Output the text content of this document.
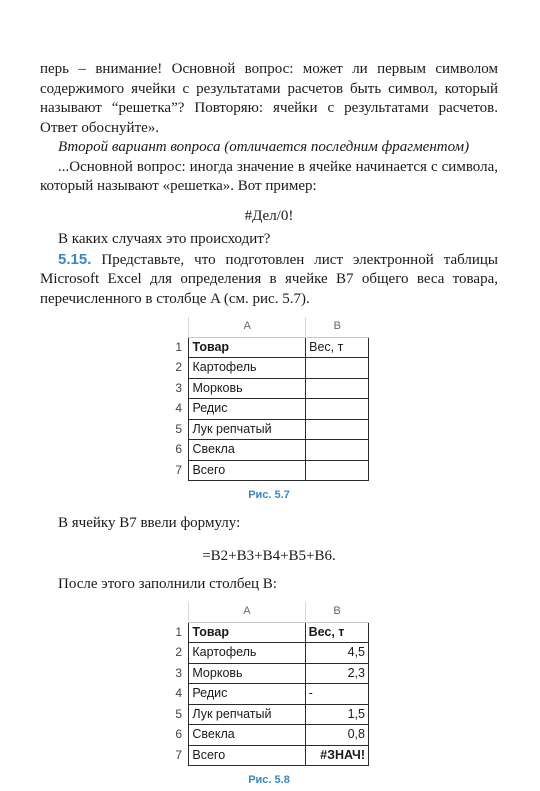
перь – внимание! Основной вопрос: может ли первым символом содержимого ячейки с результатами расчетов быть символ, который называют “решетка”? Повторяю: ячейки с результатами расчетов. Ответ обоснуйте».

Второй вариант вопроса (отличается последним фрагментом)

...Основной вопрос: иногда значение в ячейке начинается с символа, который называют «решетка». Вот пример:

#Дел/0!

В каких случаях это происходит?

5.15. Представьте, что подготовлен лист электронной таблицы Microsoft Excel для определения в ячейке B7 общего веса товара, перечисленного в столбце A (см. рис. 5.7).

	A	B
1	Товар	Вес, т
2	Картофель	
3	Морковь	
4	Редис	
5	Лук репчатый	
6	Свекла	
7	Всего	
Рис. 5.7

В ячейку B7 ввели формулу:

=B2+B3+B4+B5+B6.

После этого заполнили столбец B:

	A	B
1	Товар	Вес, т
2	Картофель	4,5
3	Морковь	2,3
4	Редис	-
5	Лук репчатый	1,5
6	Свекла	0,8
7	Всего	#ЗНАЧ!
Рис. 5.8
